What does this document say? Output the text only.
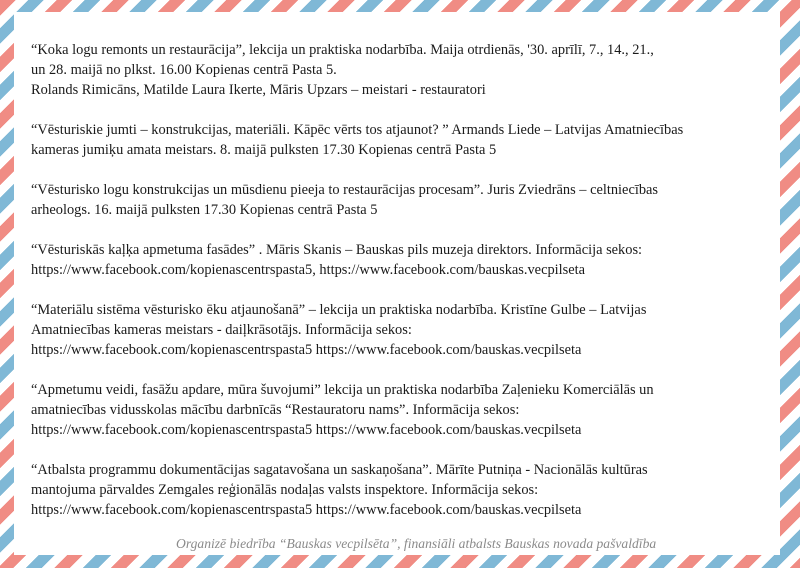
“Koka logu remonts un restaurācija”, lekcija un praktiska nodarbība. Maija otrdienās, '30. aprīlī, 7., 14., 21.,
un 28. maijā no plkst. 16.00 Kopienas centrā Pasta 5.
Rolands Rimicāns, Matilde Laura Ikerte, Māris Upzars – meistari - restauratori
“Vēsturiskie jumti – konstrukcijas, materiāli. Kāpēc vērts tos atjaunot? ” Armands Liede – Latvijas Amatniecības
kameras jumiķu amata meistars. 8. maijā pulksten 17.30 Kopienas centrā Pasta 5
“Vēsturisko logu konstrukcijas un mūsdienu pieeja to restaurācijas procesam”. Juris Zviedrāns – celtniecības
arheologs. 16. maijā pulksten 17.30 Kopienas centrā Pasta 5
“Vēsturiskās kaļķa apmetuma fasādes” . Māris Skanis – Bauskas pils muzeja direktors. Informācija sekos:
https://www.facebook.com/kopienascentrspasta5, https://www.facebook.com/bauskas.vecpilseta
“Materiālu sistēma vēsturisko ēku atjaunošanā” – lekcija un praktiska nodarbība. Kristīne Gulbe – Latvijas
Amatniecības kameras meistars - daiļkrāsotājs. Informācija sekos:
https://www.facebook.com/kopienascentrspasta5 https://www.facebook.com/bauskas.vecpilseta
“Apmetumu veidi, fasāžu apdare, mūra šuvojumi” lekcija un praktiska nodarbība Zaļenieku Komerciālās un
amatniecības vidusskolas mācību darbnīcās “Restauratoru nams”. Informācija sekos:
https://www.facebook.com/kopienascentrspasta5 https://www.facebook.com/bauskas.vecpilseta
“Atbalsta programmu dokumentācijas sagatavošana un saskaņošana”. Mārīte Putniņa - Nacionālās kultūras
mantojuma pārvaldes Zemgales reģionālās nodaļas valsts inspektore. Informācija sekos:
https://www.facebook.com/kopienascentrspasta5 https://www.facebook.com/bauskas.vecpilseta
Organizē biedrība “Bauskas vecpilsēta”, finansiāli atbalsts Bauskas novada pašvaldība
